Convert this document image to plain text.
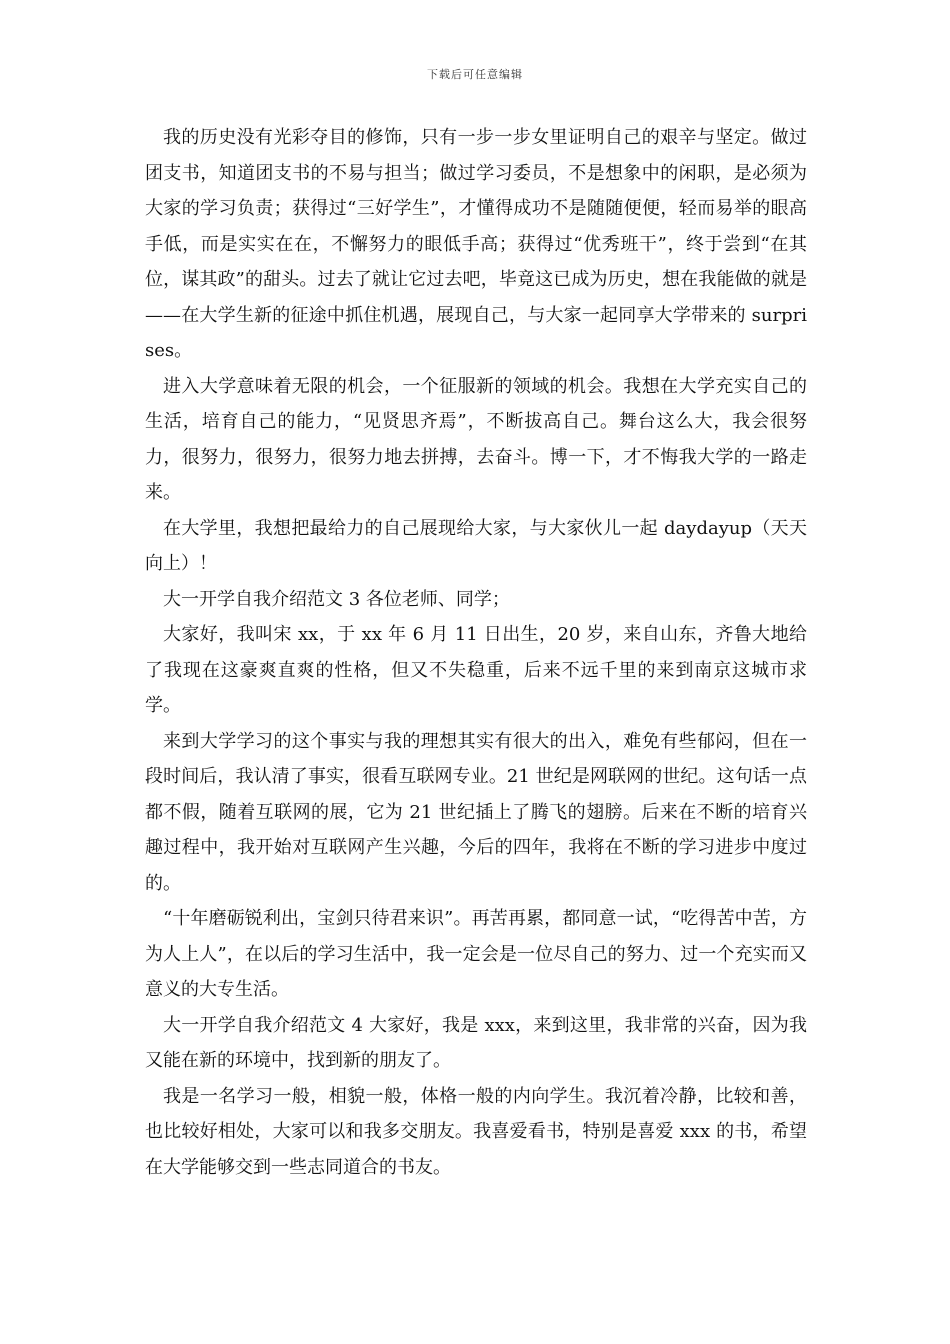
下载后可任意编辑

我的历史没有光彩夺目的修饰，只有一步一步女里证明自己的艰辛与坚定。做过团支书，知道团支书的不易与担当；做过学习委员，不是想象中的闲职，是必须为大家的学习负责；获得过“三好学生”，才懂得成功不是随随便便，轻而易举的眼高手低，而是实实在在，不懈努力的眼低手高；获得过“优秀班干”，终于尝到“在其位，谋其政”的甜头。过去了就让它过去吧，毕竟这已成为历史，想在我能做的就是——在大学生新的征途中抓住机遇，展现自己，与大家一起同享大学带来的 surprises。

进入大学意味着无限的机会，一个征服新的领域的机会。我想在大学充实自己的生活，培育自己的能力，“见贤思齐焉”，不断拔高自己。舞台这么大，我会很努力，很努力，很努力，很努力地去拼搏，去奋斗。博一下，才不悔我大学的一路走来。

在大学里，我想把最给力的自己展现给大家，与大家伙儿一起 daydayup（天天向上）！

大一开学自我介绍范文 3 各位老师、同学；

大家好，我叫宋 xx，于 xx 年 6 月 11 日出生，20 岁，来自山东，齐鲁大地给了我现在这豪爽直爽的性格，但又不失稳重，后来不远千里的来到南京这城市求学。

来到大学学习的这个事实与我的理想其实有很大的出入，难免有些郁闷，但在一段时间后，我认清了事实，很看互联网专业。21 世纪是网联网的世纪。这句话一点都不假，随着互联网的展，它为 21 世纪插上了腾飞的翅膀。后来在不断的培育兴趣过程中，我开始对互联网产生兴趣，今后的四年，我将在不断的学习进步中度过的。

“十年磨砺锐利出，宝剑只待君来识”。再苦再累，都同意一试，“吃得苦中苦，方为人上人”，在以后的学习生活中，我一定会是一位尽自己的努力、过一个充实而又意义的大专生活。

大一开学自我介绍范文 4 大家好，我是 xxx，来到这里，我非常的兴奋，因为我又能在新的环境中，找到新的朋友了。

我是一名学习一般，相貌一般，体格一般的内向学生。我沉着冷静，比较和善，也比较好相处，大家可以和我多交朋友。我喜爱看书，特别是喜爱 xxx 的书，希望在大学能够交到一些志同道合的书友。
